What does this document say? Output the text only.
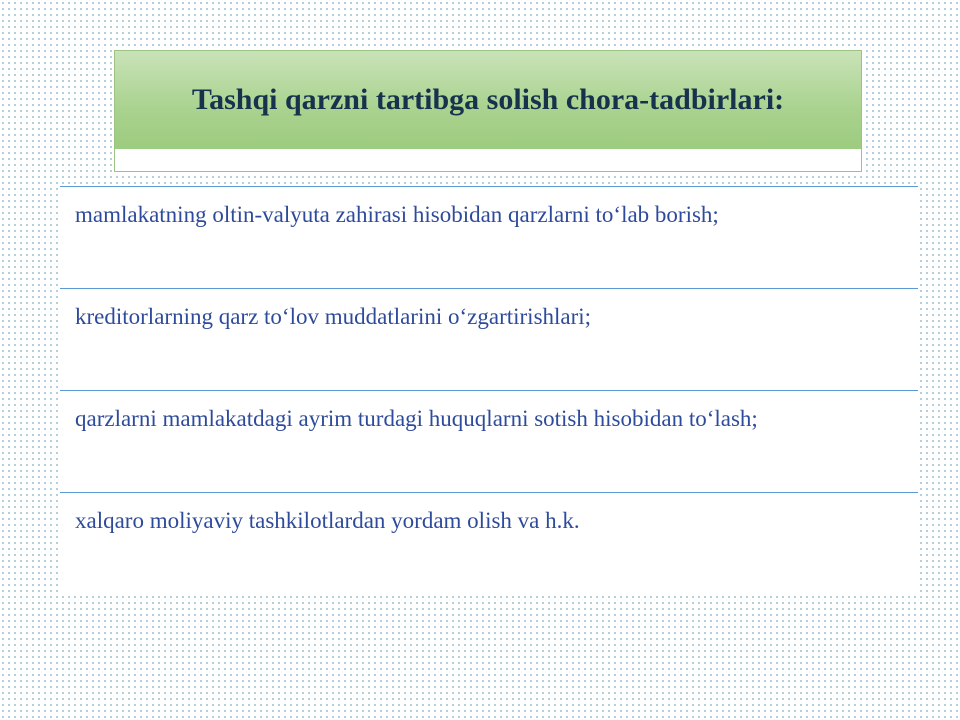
Tashqi qarzni tartibga solish chora-tadbirlari:
mamlakatning oltin-valyuta zahirasi hisobidan qarzlarni to‘lab borish;
kreditorlarning qarz to‘lov muddatlarini o‘zgartirishlari;
qarzlarni mamlakatdagi ayrim turdagi huquqlarni sotish hisobidan to‘lash;
xalqaro moliyaviy tashkilotlardan yordam olish va h.k.
